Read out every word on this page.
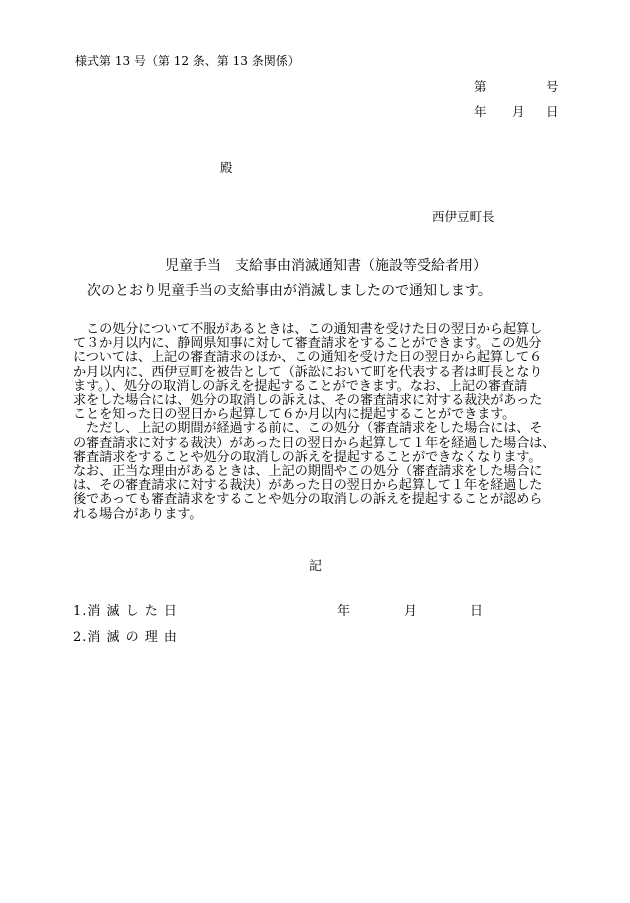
様式第 13 号（第 12 条、第 13 条関係）
第	号
年 月 日
殿
西伊豆町長
児童手当　支給事由消滅通知書（施設等受給者用）
次のとおり児童手当の支給事由が消滅しましたので通知します。
　この処分について不服があるときは、この通知書を受けた日の翌日から起算し
て３か月以内に、静岡県知事に対して審査請求をすることができます。この処分
については、上記の審査請求のほか、この通知を受けた日の翌日から起算して６
か月以内に、西伊豆町を被告として（訴訟において町を代表する者は町長となり
ます。）、処分の取消しの訴えを提起することができます。なお、上記の審査請
求をした場合には、処分の取消しの訴えは、その審査請求に対する裁決があった
ことを知った日の翌日から起算して６か月以内に提起することができます。
　ただし、上記の期間が経過する前に、この処分（審査請求をした場合には、そ
の審査請求に対する裁決）があった日の翌日から起算して１年を経過した場合は、
審査請求をすることや処分の取消しの訴えを提起することができなくなります。
なお、正当な理由があるときは、上記の期間やこの処分（審査請求をした場合に
は、その審査請求に対する裁決）があった日の翌日から起算して１年を経過した
後であっても審査請求をすることや処分の取消しの訴えを提起することが認めら
れる場合があります。
記
1.消 滅 し た 日	年	月	日
2.消 滅 の 理 由
